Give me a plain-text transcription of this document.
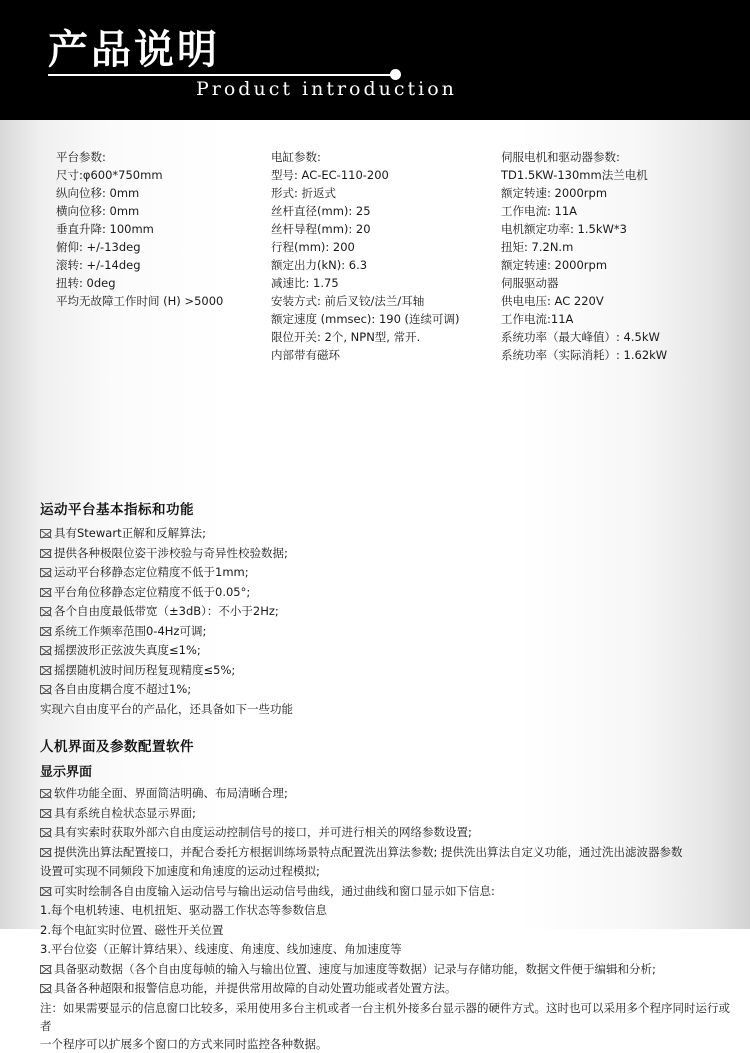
产品说明
Product introduction
平台参数:
尺寸:φ600*750mm
纵向位移: 0mm
横向位移: 0mm
垂直升降: 100mm
俯仰: +/-13deg
滚转: +/-14deg
扭转: 0deg
平均无故障工作时间 (H) >5000
电缸参数:
型号: AC-EC-110-200
形式: 折返式
丝杆直径(mm): 25
丝杆导程(mm): 20
行程(mm): 200
额定出力(kN): 6.3
减速比: 1.75
安装方式: 前后叉铰/法兰/耳轴
额定速度 (mmsec): 190 (连续可调)
限位开关: 2个, NPN型, 常开.
内部带有磁环
伺服电机和驱动器参数:
TD1.5KW-130mm法兰电机
额定转速: 2000rpm
工作电流: 11A
电机额定功率: 1.5kW*3
扭矩: 7.2N.m
额定转速: 2000rpm
伺服驱动器
供电电压: AC 220V
工作电流:11A
系统功率（最大峰值）: 4.5kW
系统功率（实际消耗）: 1.62kW
运动平台基本指标和功能
具有Stewart正解和反解算法;
提供各种极限位姿干涉校验与奇异性校验数据;
运动平台移静态定位精度不低于1mm;
平台角位移静态定位精度不低于0.05°;
各个自由度最低带宽（±3dB）：不小于2Hz;
系统工作频率范围0-4Hz可调;
摇摆波形正弦波失真度≤1%;
摇摆随机波时间历程复现精度≤5%;
各自由度耦合度不超过1%;
实现六自由度平台的产品化，还具备如下一些功能
人机界面及参数配置软件
显示界面
软件功能全面、界面简洁明确、布局清晰合理;
具有系统自检状态显示界面;
具有实索时获取外部六自由度运动控制信号的接口，并可进行相关的网络参数设置;
提供洗出算法配置接口，并配合委托方根据训练场景特点配置洗出算法参数; 提供洗出算法自定义功能，通过洗出滤波器参数
设置可实现不同频段下加速度和角速度的运动过程模拟;
可实时绘制各自由度输入运动信号与输出运动信号曲线，通过曲线和窗口显示如下信息:
1.每个电机转速、电机扭矩、驱动器工作状态等参数信息
2.每个电缸实时位置、磁性开关位置
3.平台位姿（正解计算结果）、线速度、角速度、线加速度、角加速度等
具备驱动数据（各个自由度每帧的输入与输出位置、速度与加速度等数据）记录与存储功能，数据文件便于编辑和分析;
具备各种超限和报警信息功能，并提供常用故障的自动处置功能或者处置方法。
注：如果需要显示的信息窗口比较多，采用使用多台主机或者一台主机外接多台显示器的硬件方式。这时也可以采用多个程序同时运行或者
一个程序可以扩展多个窗口的方式来同时监控各种数据。
